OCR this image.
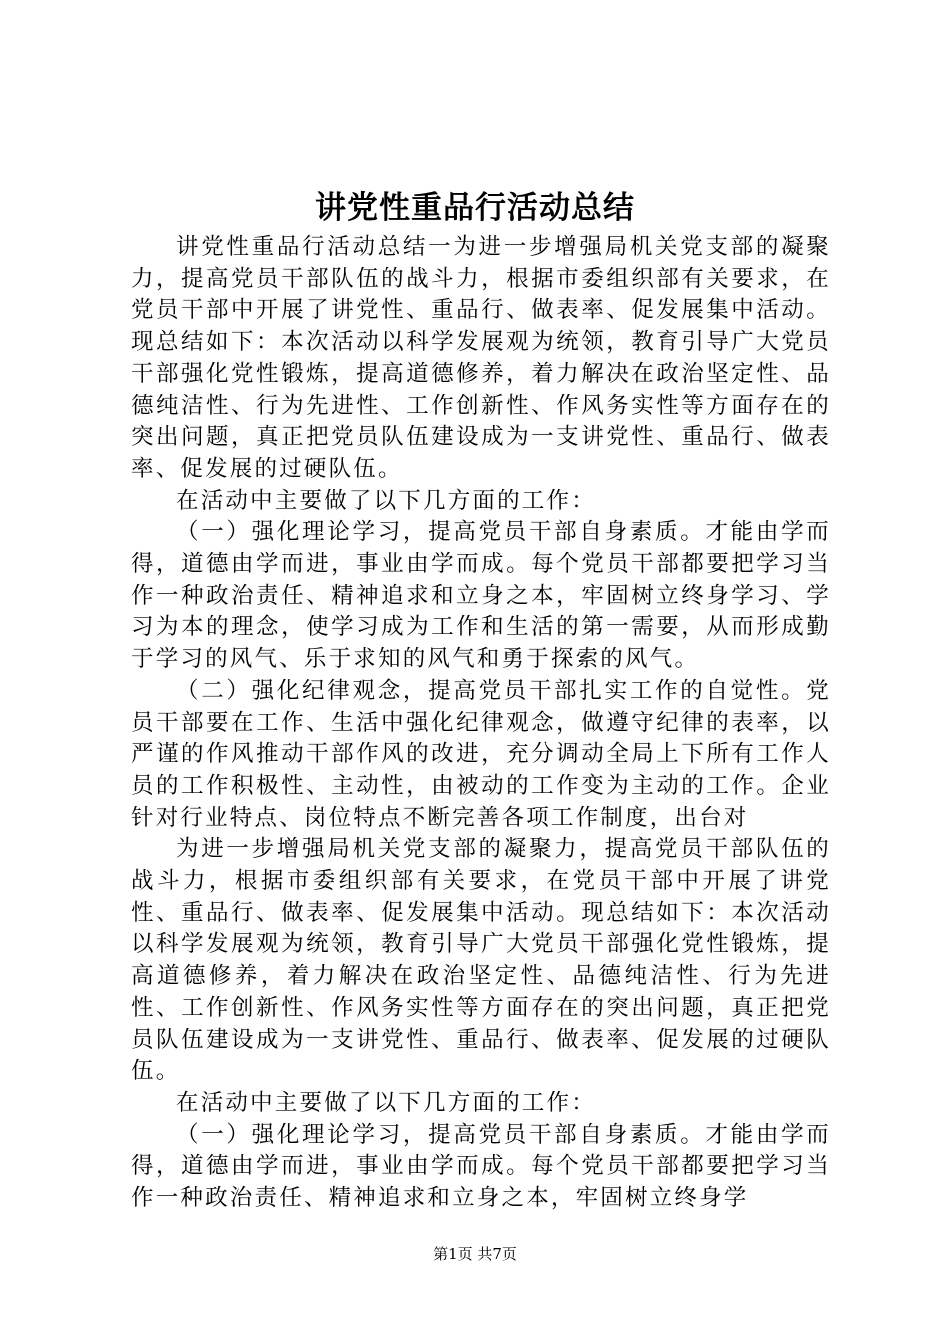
讲党性重品行活动总结

讲党性重品行活动总结一为进一步增强局机关党支部的凝聚力，提高党员干部队伍的战斗力，根据市委组织部有关要求，在党员干部中开展了讲党性、重品行、做表率、促发展集中活动。现总结如下：本次活动以科学发展观为统领，教育引导广大党员干部强化党性锻炼，提高道德修养，着力解决在政治坚定性、品德纯洁性、行为先进性、工作创新性、作风务实性等方面存在的突出问题，真正把党员队伍建设成为一支讲党性、重品行、做表率、促发展的过硬队伍。

在活动中主要做了以下几方面的工作：

（一）强化理论学习，提高党员干部自身素质。才能由学而得，道德由学而进，事业由学而成。每个党员干部都要把学习当作一种政治责任、精神追求和立身之本，牢固树立终身学习、学习为本的理念，使学习成为工作和生活的第一需要，从而形成勤于学习的风气、乐于求知的风气和勇于探索的风气。

（二）强化纪律观念，提高党员干部扎实工作的自觉性。党员干部要在工作、生活中强化纪律观念，做遵守纪律的表率，以严谨的作风推动干部作风的改进，充分调动全局上下所有工作人员的工作积极性、主动性，由被动的工作变为主动的工作。企业针对行业特点、岗位特点不断完善各项工作制度，出台对

为进一步增强局机关党支部的凝聚力，提高党员干部队伍的战斗力，根据市委组织部有关要求，在党员干部中开展了讲党性、重品行、做表率、促发展集中活动。现总结如下：本次活动以科学发展观为统领，教育引导广大党员干部强化党性锻炼，提高道德修养，着力解决在政治坚定性、品德纯洁性、行为先进性、工作创新性、作风务实性等方面存在的突出问题，真正把党员队伍建设成为一支讲党性、重品行、做表率、促发展的过硬队伍。

在活动中主要做了以下几方面的工作：

（一）强化理论学习，提高党员干部自身素质。才能由学而得，道德由学而进，事业由学而成。每个党员干部都要把学习当作一种政治责任、精神追求和立身之本，牢固树立终身学

第1页 共7页
